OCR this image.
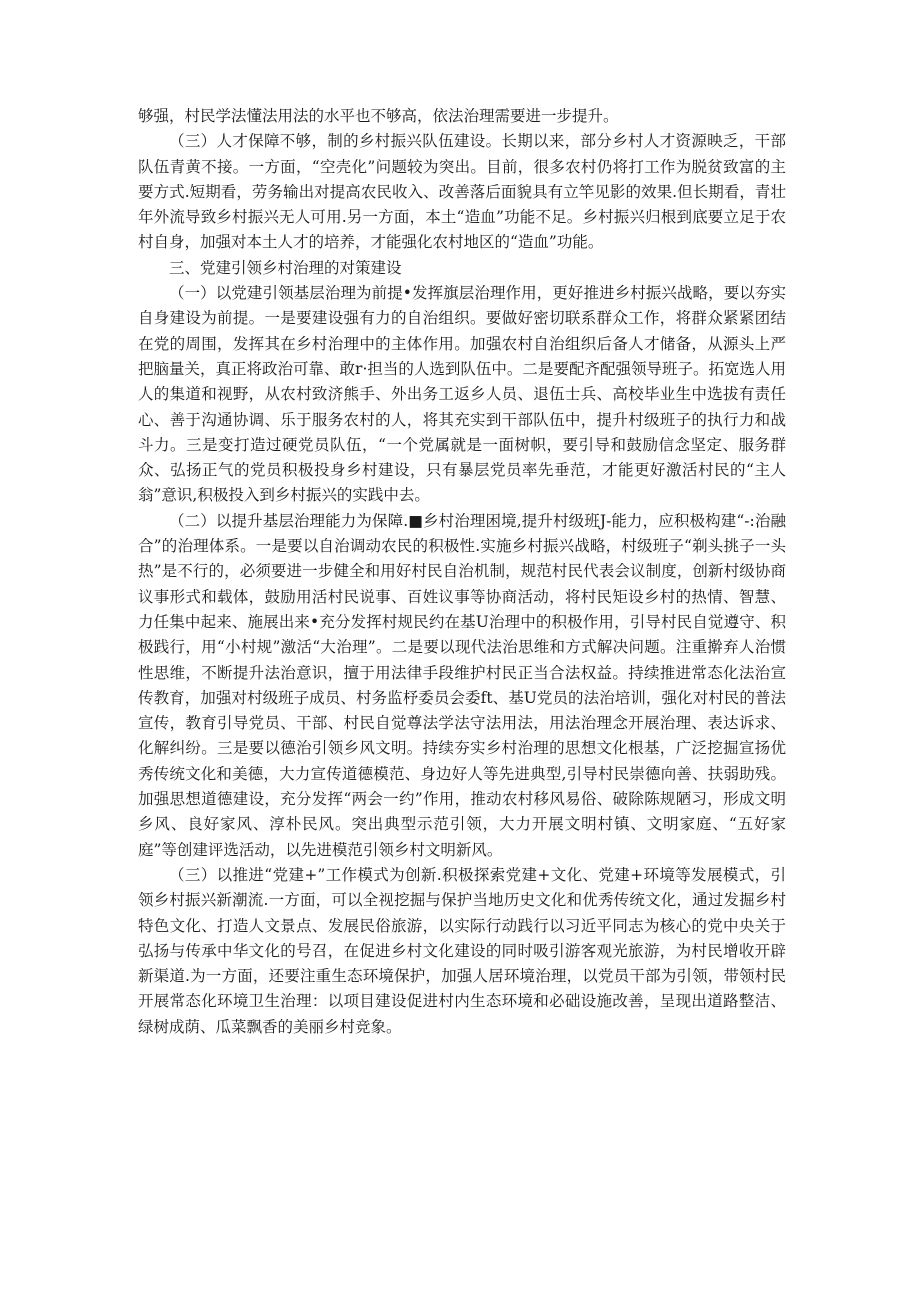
够强，村民学法懂法用法的水平也不够高，依法治理需要进一步提升。

（三）人才保障不够，制的乡村振兴队伍建设。长期以来，部分乡村人才资源映乏，干部队伍青黄不接。一方面，“空壳化”问题较为突出。目前，很多农村仍将打工作为脱贫致富的主要方式.短期看，劳务输出对提高农民收入、改善落后面貌具有立竿见影的效果.但长期看，青壮年外流导致乡村振兴无人可用.另一方面，本土“造血”功能不足。乡村振兴归根到底要立足于农村自身，加强对本土人才的培养，才能强化农村地区的“造血”功能。

三、党建引领乡村治理的对策建设

（一）以党建引领基层治理为前提•发挥旗层治理作用，更好推进乡村振兴战略，要以夯实自身建设为前提。一是要建设强有力的自治组织。要做好密切联系群众工作，将群众紧紧团结在党的周围，发挥其在乡村治理中的主体作用。加强农村自治组织后备人才储备，从源头上严把脑量关，真正将政治可靠、敢r·担当的人选到队伍中。二是要配齐配强领导班子。拓宽选人用人的集道和视野，从农村致济熊手、外出务工返乡人员、退伍士兵、高校毕业生中选拔有责任心、善于沟通协调、乐于服务农村的人，将其充实到干部队伍中，提升村级班子的执行力和战斗力。三是变打造过硬党员队伍，“一个党属就是一面树帜，要引导和鼓励信念坚定、服务群众、弘扬正气的党员积极投身乡村建设，只有暴层党员率先垂范，才能更好激活村民的“主人翁”意识,积极投入到乡村振兴的实践中去。

（二）以提升基层治理能力为保障.■乡村治理困境,提升村级班J-能力，应积极构建“-:治融合”的治理体系。一是要以自治调动农民的积极性.实施乡村振兴战略，村级班子“剃头挑子一头热”是不行的，必须要进一步健全和用好村民自治机制，规范村民代表会议制度，创新村级协商议事形式和载体，鼓励用活村民说事、百姓议事等协商活动，将村民矩设乡村的热情、智慧、力任集中起来、施展出来•充分发挥村规民约在基U治理中的积极作用，引导村民自觉遵守、积极践行，用“小村规”激活“大治理”。二是要以现代法治思维和方式解决问题。注重擀弃人治惯性思维，不断提升法治意识，擅于用法律手段维护村民正当合法权益。持续推进常态化法治宣传教育，加强对村级班子成员、村务监杼委员会委ft、基U党员的法治培训，强化对村民的普法宣传，教育引导党员、干部、村民自觉尊法学法守法用法，用法治理念开展治理、表达诉求、化解纠纷。三是要以德治引领乡风文明。持续夯实乡村治理的思想文化根基，广泛挖掘宣扬优秀传统文化和美德，大力宣传道德模范、身边好人等先进典型,引导村民崇德向善、扶弱助残。加强思想道德建设，充分发挥“两会一约”作用，推动农村移风易俗、破除陈规陋习，形成文明乡风、良好家风、淳朴民风。突出典型示范引领，大力开展文明村镇、文明家庭、“五好家庭”等创建评选活动，以先进模范引领乡村文明新风。

（三）以推进“党建+”工作模式为创新.积极探索党建+文化、党建+环境等发展模式，引领乡村振兴新潮流.一方面，可以全视挖掘与保护当地历史文化和优秀传统文化，通过发掘乡村特色文化、打造人文景点、发展民俗旅游，以实际行动践行以习近平同志为核心的党中央关于弘扬与传承中华文化的号召，在促进乡村文化建设的同时吸引游客观光旅游，为村民增收开辟新渠道.为一方面，还要注重生态环境保护，加强人居环境治理，以党员干部为引领，带领村民开展常态化环境卫生治理：以项目建设促进村内生态环境和必础设施改善，呈现出道路整洁、绿树成荫、瓜菜飘香的美丽乡村竞象。
